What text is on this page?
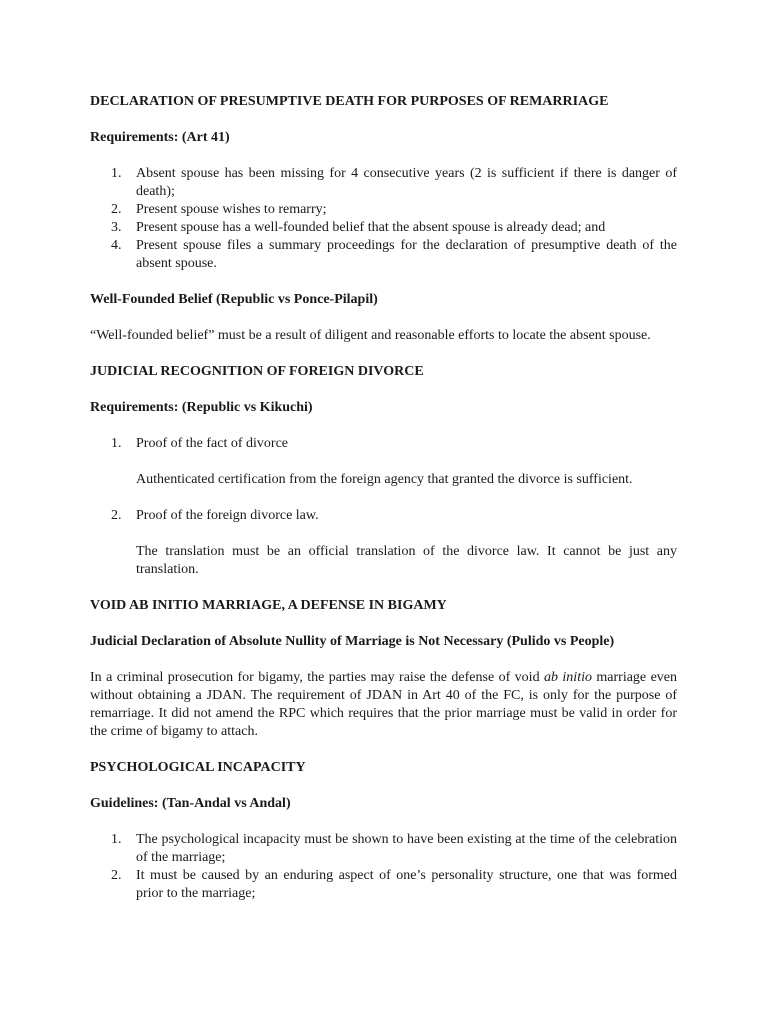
DECLARATION OF PRESUMPTIVE DEATH FOR PURPOSES OF REMARRIAGE

Requirements: (Art 41)

1. Absent spouse has been missing for 4 consecutive years (2 is sufficient if there is danger of death);
2. Present spouse wishes to remarry;
3. Present spouse has a well-founded belief that the absent spouse is already dead; and
4. Present spouse files a summary proceedings for the declaration of presumptive death of the absent spouse.

Well-Founded Belief (Republic vs Ponce-Pilapil)

“Well-founded belief” must be a result of diligent and reasonable efforts to locate the absent spouse.

JUDICIAL RECOGNITION OF FOREIGN DIVORCE

Requirements: (Republic vs Kikuchi)

1. Proof of the fact of divorce

Authenticated certification from the foreign agency that granted the divorce is sufficient.

2. Proof of the foreign divorce law.

The translation must be an official translation of the divorce law. It cannot be just any translation.

VOID AB INITIO MARRIAGE, A DEFENSE IN BIGAMY

Judicial Declaration of Absolute Nullity of Marriage is Not Necessary (Pulido vs People)

In a criminal prosecution for bigamy, the parties may raise the defense of void ab initio marriage even without obtaining a JDAN. The requirement of JDAN in Art 40 of the FC, is only for the purpose of remarriage. It did not amend the RPC which requires that the prior marriage must be valid in order for the crime of bigamy to attach.

PSYCHOLOGICAL INCAPACITY

Guidelines: (Tan-Andal vs Andal)

1. The psychological incapacity must be shown to have been existing at the time of the celebration of the marriage;
2. It must be caused by an enduring aspect of one’s personality structure, one that was formed prior to the marriage;
